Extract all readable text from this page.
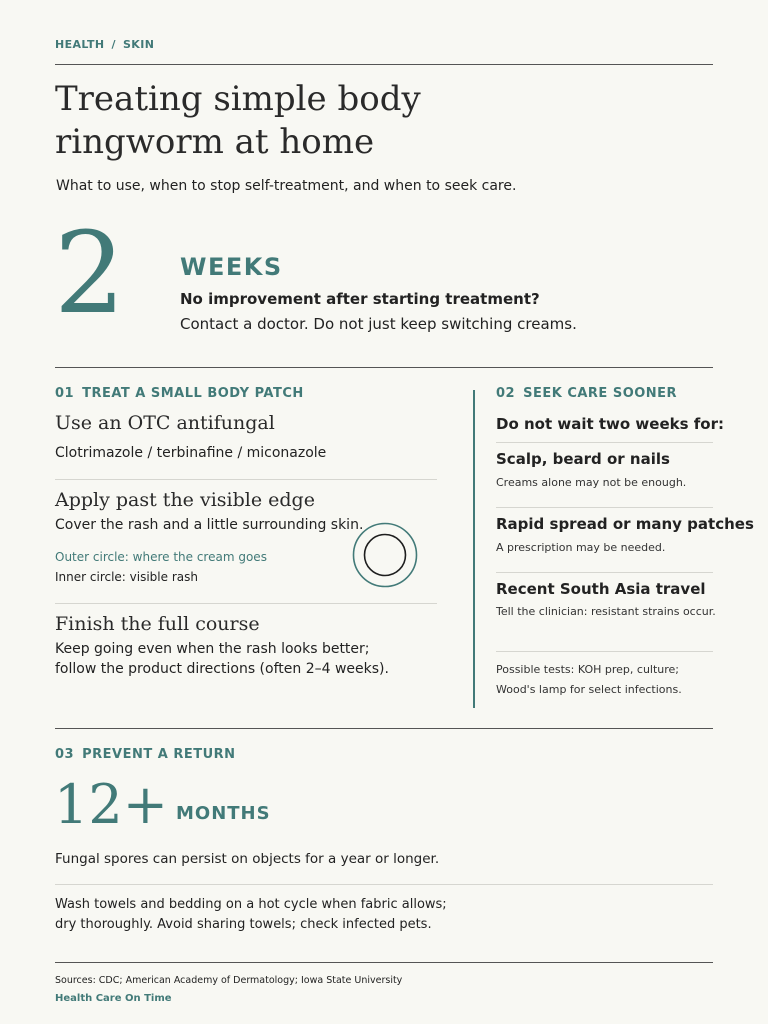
HEALTH / SKIN
Treating simple body
ringworm at home
What to use, when to stop self-treatment, and when to seek care.
2 WEEKS
No improvement after starting treatment?
Contact a doctor. Do not just keep switching creams.
01 TREAT A SMALL BODY PATCH
Use an OTC antifungal
Clotrimazole / terbinafine / miconazole
Apply past the visible edge
Cover the rash and a little surrounding skin.
Outer circle: where the cream goes
Inner circle: visible rash
Finish the full course
Keep going even when the rash looks better;
follow the product directions (often 2–4 weeks).
02 SEEK CARE SOONER
Do not wait two weeks for:
Scalp, beard or nails
Creams alone may not be enough.
Rapid spread or many patches
A prescription may be needed.
Recent South Asia travel
Tell the clinician: resistant strains occur.
Possible tests: KOH prep, culture;
Wood's lamp for select infections.
03 PREVENT A RETURN
12+ MONTHS
Fungal spores can persist on objects for a year or longer.
Wash towels and bedding on a hot cycle when fabric allows;
dry thoroughly. Avoid sharing towels; check infected pets.
Sources: CDC; American Academy of Dermatology; Iowa State University
Health Care On Time
